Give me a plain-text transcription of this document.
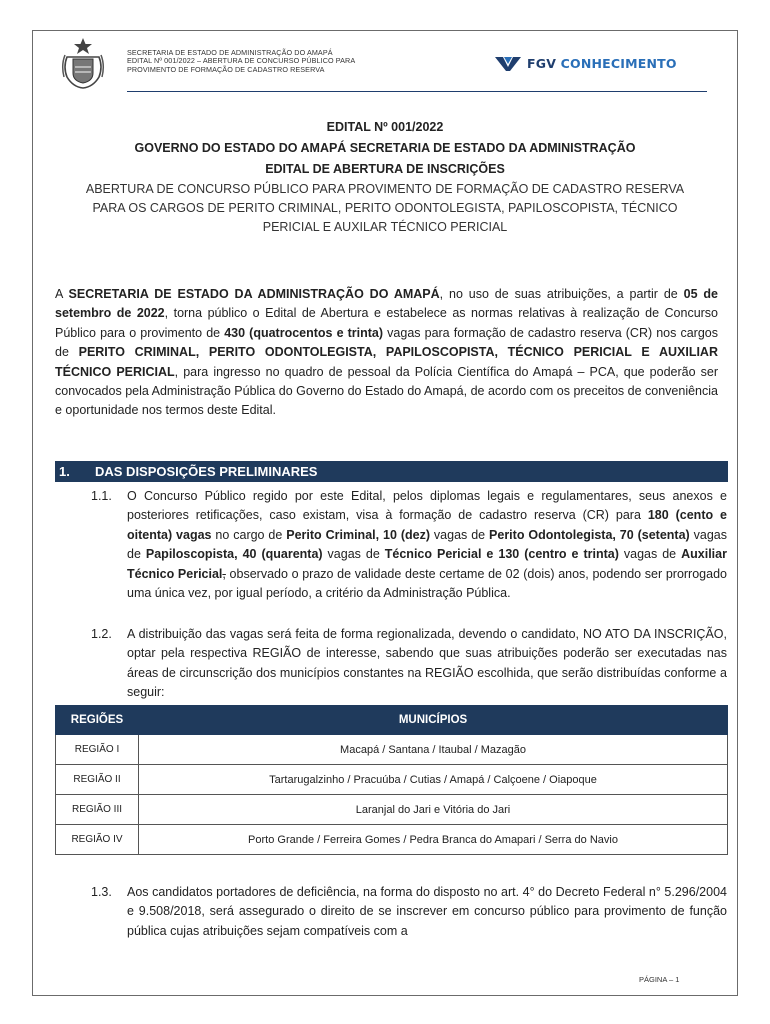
SECRETARIA DE ESTADO DE ADMINISTRAÇÃO DO AMAPÁ
EDITAL Nº 001/2022 – ABERTURA DE CONCURSO PÚBLICO PARA
PROVIMENTO DE FORMAÇÃO DE CADASTRO RESERVA	FGV CONHECIMENTO
EDITAL Nº 001/2022
GOVERNO DO ESTADO DO AMAPÁ SECRETARIA DE ESTADO DA ADMINISTRAÇÃO
EDITAL DE ABERTURA DE INSCRIÇÕES
ABERTURA DE CONCURSO PÚBLICO PARA PROVIMENTO DE FORMAÇÃO DE CADASTRO RESERVA PARA OS CARGOS DE PERITO CRIMINAL, PERITO ODONTOLEGISTA, PAPILOSCOPISTA, TÉCNICO PERICIAL E AUXILAR TÉCNICO PERICIAL
A SECRETARIA DE ESTADO DA ADMINISTRAÇÃO DO AMAPÁ, no uso de suas atribuições, a partir de 05 de setembro de 2022, torna público o Edital de Abertura e estabelece as normas relativas à realização de Concurso Público para o provimento de 430 (quatrocentos e trinta) vagas para formação de cadastro reserva (CR) nos cargos de PERITO CRIMINAL, PERITO ODONTOLEGISTA, PAPILOSCOPISTA, TÉCNICO PERICIAL E AUXILIAR TÉCNICO PERICIAL, para ingresso no quadro de pessoal da Polícia Científica do Amapá – PCA, que poderão ser convocados pela Administração Pública do Governo do Estado do Amapá, de acordo com os preceitos de conveniência e oportunidade nos termos deste Edital.
1. DAS DISPOSIÇÕES PRELIMINARES
1.1.	O Concurso Público regido por este Edital, pelos diplomas legais e regulamentares, seus anexos e posteriores retificações, caso existam, visa à formação de cadastro reserva (CR) para 180 (cento e oitenta) vagas no cargo de Perito Criminal, 10 (dez) vagas de Perito Odontolegista, 70 (setenta) vagas de Papiloscopista, 40 (quarenta) vagas de Técnico Pericial e 130 (centro e trinta) vagas de Auxiliar Técnico Pericial, observado o prazo de validade deste certame de 02 (dois) anos, podendo ser prorrogado uma única vez, por igual período, a critério da Administração Pública.
1.2.	A distribuição das vagas será feita de forma regionalizada, devendo o candidato, NO ATO DA INSCRIÇÃO, optar pela respectiva REGIÃO de interesse, sabendo que suas atribuições poderão ser executadas nas áreas de circunscrição dos municípios constantes na REGIÃO escolhida, que serão distribuídas conforme a seguir:
REGIÕES	MUNICÍPIOS
REGIÃO I	Macapá / Santana / Itaubal / Mazagão
REGIÃO II	Tartarugalzinho / Pracuúba / Cutias / Amapá / Calçoene / Oiapoque
REGIÃO III	Laranjal do Jari e Vitória do Jari
REGIÃO IV	Porto Grande / Ferreira Gomes / Pedra Branca do Amapari / Serra do Navio
1.3.	Aos candidatos portadores de deficiência, na forma do disposto no art. 4° do Decreto Federal n° 5.296/2004 e 9.508/2018, será assegurado o direito de se inscrever em concurso público para provimento de função pública cujas atribuições sejam compatíveis com a
PÁGINA – 1
